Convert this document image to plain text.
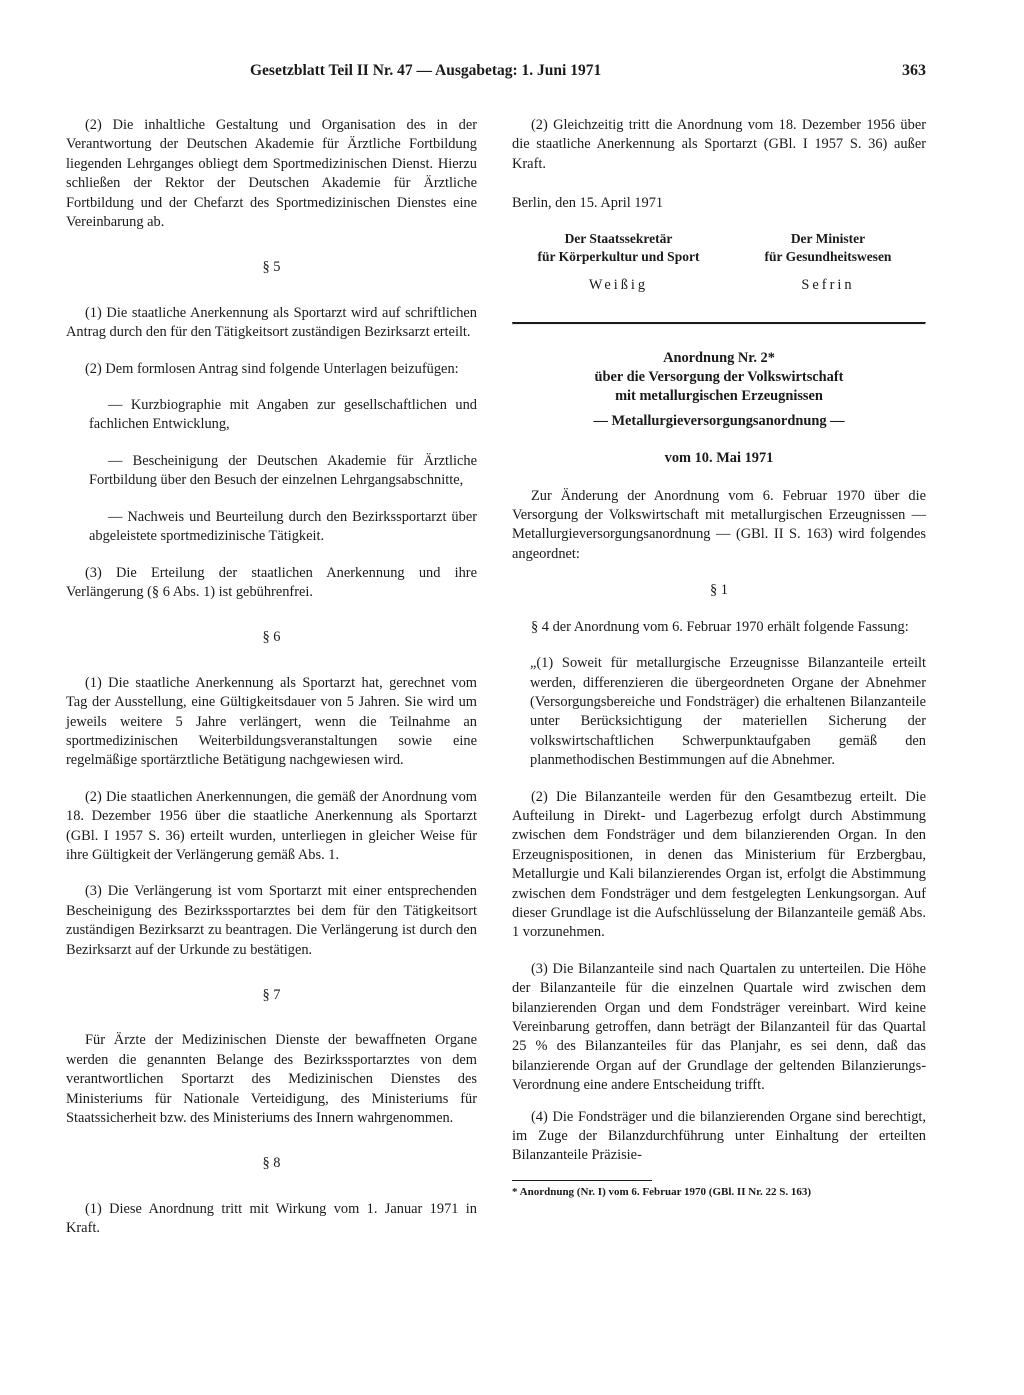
Gesetzblatt Teil II Nr. 47 — Ausgabetag: 1. Juni 1971	363

(2) Die inhaltliche Gestaltung und Organisation des in der Verantwortung der Deutschen Akademie für Ärztliche Fortbildung liegenden Lehrganges obliegt dem Sportmedizinischen Dienst. Hierzu schließen der Rektor der Deutschen Akademie für Ärztliche Fortbildung und der Chefarzt des Sportmedizinischen Dienstes eine Vereinbarung ab.

§ 5

(1) Die staatliche Anerkennung als Sportarzt wird auf schriftlichen Antrag durch den für den Tätigkeitsort zuständigen Bezirksarzt erteilt.

(2) Dem formlosen Antrag sind folgende Unterlagen beizufügen:

— Kurzbiographie mit Angaben zur gesellschaftlichen und fachlichen Entwicklung,

— Bescheinigung der Deutschen Akademie für Ärztliche Fortbildung über den Besuch der einzelnen Lehrgangsabschnitte,

— Nachweis und Beurteilung durch den Bezirkssportarzt über abgeleistete sportmedizinische Tätigkeit.

(3) Die Erteilung der staatlichen Anerkennung und ihre Verlängerung (§ 6 Abs. 1) ist gebührenfrei.

§ 6

(1) Die staatliche Anerkennung als Sportarzt hat, gerechnet vom Tag der Ausstellung, eine Gültigkeitsdauer von 5 Jahren. Sie wird um jeweils weitere 5 Jahre verlängert, wenn die Teilnahme an sportmedizinischen Weiterbildungsveranstaltungen sowie eine regelmäßige sportärztliche Betätigung nachgewiesen wird.

(2) Die staatlichen Anerkennungen, die gemäß der Anordnung vom 18. Dezember 1956 über die staatliche Anerkennung als Sportarzt (GBl. I 1957 S. 36) erteilt wurden, unterliegen in gleicher Weise für ihre Gültigkeit der Verlängerung gemäß Abs. 1.

(3) Die Verlängerung ist vom Sportarzt mit einer entsprechenden Bescheinigung des Bezirkssportarztes bei dem für den Tätigkeitsort zuständigen Bezirksarzt zu beantragen. Die Verlängerung ist durch den Bezirksarzt auf der Urkunde zu bestätigen.

§ 7

Für Ärzte der Medizinischen Dienste der bewaffneten Organe werden die genannten Belange des Bezirkssportarztes von dem verantwortlichen Sportarzt des Medizinischen Dienstes des Ministeriums für Nationale Verteidigung, des Ministeriums für Staatssicherheit bzw. des Ministeriums des Innern wahrgenommen.

§ 8

(1) Diese Anordnung tritt mit Wirkung vom 1. Januar 1971 in Kraft.

(2) Gleichzeitig tritt die Anordnung vom 18. Dezember 1956 über die staatliche Anerkennung als Sportarzt (GBl. I 1957 S. 36) außer Kraft.

Berlin, den 15. April 1971

Der Staatssekretär
für Körperkultur und Sport
Weißig
Der Minister
für Gesundheitswesen
Sefrin

Anordnung Nr. 2*

über die Versorgung der Volkswirtschaft

mit metallurgischen Erzeugnissen

— Metallurgieversorgungsanordnung —

vom 10. Mai 1971

Zur Änderung der Anordnung vom 6. Februar 1970 über die Versorgung der Volkswirtschaft mit metallurgischen Erzeugnissen — Metallurgieversorgungsanordnung — (GBl. II S. 163) wird folgendes angeordnet:

§ 1

§ 4 der Anordnung vom 6. Februar 1970 erhält folgende Fassung:

„(1) Soweit für metallurgische Erzeugnisse Bilanzanteile erteilt werden, differenzieren die übergeordneten Organe der Abnehmer (Versorgungsbereiche und Fondsträger) die erhaltenen Bilanzanteile unter Berücksichtigung der materiellen Sicherung der volkswirtschaftlichen Schwerpunktaufgaben gemäß den planmethodischen Bestimmungen auf die Abnehmer.

(2) Die Bilanzanteile werden für den Gesamtbezug erteilt. Die Aufteilung in Direkt- und Lagerbezug erfolgt durch Abstimmung zwischen dem Fondsträger und dem bilanzierenden Organ. In den Erzeugnispositionen, in denen das Ministerium für Erzbergbau, Metallurgie und Kali bilanzierendes Organ ist, erfolgt die Abstimmung zwischen dem Fondsträger und dem festgelegten Lenkungsorgan. Auf dieser Grundlage ist die Aufschlüsselung der Bilanzanteile gemäß Abs. 1 vorzunehmen.

(3) Die Bilanzanteile sind nach Quartalen zu unterteilen. Die Höhe der Bilanzanteile für die einzelnen Quartale wird zwischen dem bilanzierenden Organ und dem Fondsträger vereinbart. Wird keine Vereinbarung getroffen, dann beträgt der Bilanzanteil für das Quartal 25 % des Bilanzanteiles für das Planjahr, es sei denn, daß das bilanzierende Organ auf der Grundlage der geltenden Bilanzierungs-Verordnung eine andere Entscheidung trifft.

(4) Die Fondsträger und die bilanzierenden Organe sind berechtigt, im Zuge der Bilanzdurchführung unter Einhaltung der erteilten Bilanzanteile Präzisie-

* Anordnung (Nr. I) vom 6. Februar 1970 (GBl. II Nr. 22 S. 163)
